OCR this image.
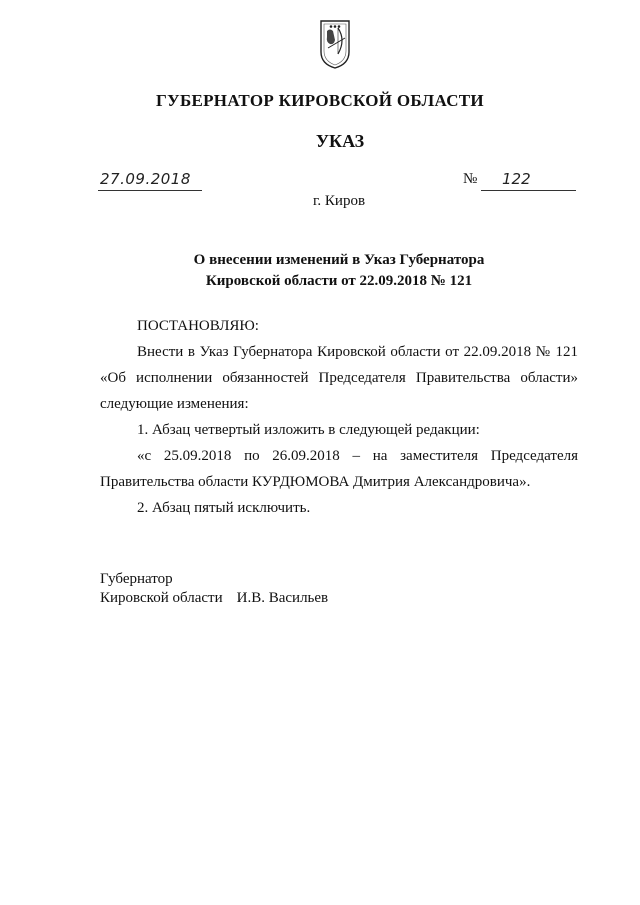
ГУБЕРНАТОР КИРОВСКОЙ ОБЛАСТИ
УКАЗ
27.09.2018	№ 122
г. Киров
О внесении изменений в Указ Губернатора
Кировской области от 22.09.2018 № 121

ПОСТАНОВЛЯЮ:

Внести в Указ Губернатора Кировской области от 22.09.2018 № 121

«Об исполнении обязанностей Председателя Правительства области»

следующие изменения:

1. Абзац четвертый изложить в следующей редакции:

«с 25.09.2018 по 26.09.2018 – на заместителя Председателя

Правительства области КУРДЮМОВА Дмитрия Александровича».

2. Абзац пятый исключить.

Губернатор
Кировской области И.В. Васильев
